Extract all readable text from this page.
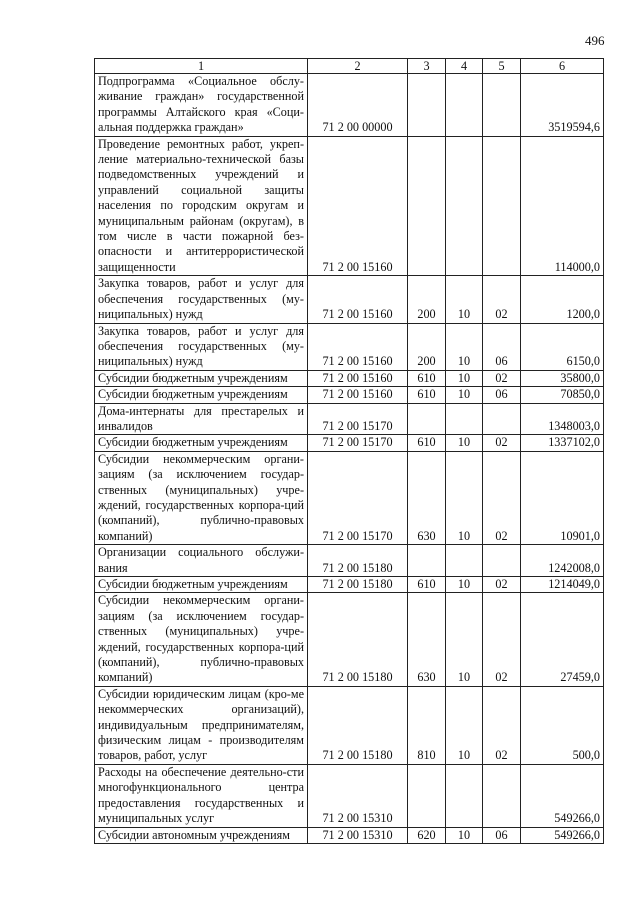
496
1	2	3	4	5	6
Подпрограмма «Социальное обслу-живание граждан» государственной программы Алтайского края «Соци-альная поддержка граждан»	71 2 00 00000				3519594,6
Проведение ремонтных работ, укреп-ление материально-технической базы подведомственных учреждений и управлений социальной защиты населения по городским округам и муниципальным районам (округам), в том числе в части пожарной без-опасности и антитеррористической защищенности	71 2 00 15160				114000,0
Закупка товаров, работ и услуг для обеспечения государственных (му-ниципальных) нужд	71 2 00 15160	200	10	02	1200,0
Закупка товаров, работ и услуг для обеспечения государственных (му-ниципальных) нужд	71 2 00 15160	200	10	06	6150,0
Субсидии бюджетным учреждениям	71 2 00 15160	610	10	02	35800,0
Субсидии бюджетным учреждениям	71 2 00 15160	610	10	06	70850,0
Дома-интернаты для престарелых и инвалидов	71 2 00 15170				1348003,0
Субсидии бюджетным учреждениям	71 2 00 15170	610	10	02	1337102,0
Субсидии некоммерческим органи-зациям (за исключением государ-ственных (муниципальных) учре-ждений, государственных корпора-ций (компаний), публично-правовых компаний)	71 2 00 15170	630	10	02	10901,0
Организации социального обслужи-вания	71 2 00 15180				1242008,0
Субсидии бюджетным учреждениям	71 2 00 15180	610	10	02	1214049,0
Субсидии некоммерческим органи-зациям (за исключением государ-ственных (муниципальных) учре-ждений, государственных корпора-ций (компаний), публично-правовых компаний)	71 2 00 15180	630	10	02	27459,0
Субсидии юридическим лицам (кро-ме некоммерческих организаций), индивидуальным предпринимателям, физическим лицам - производителям товаров, работ, услуг	71 2 00 15180	810	10	02	500,0
Расходы на обеспечение деятельно-сти многофункционального центра предоставления государственных и муниципальных услуг	71 2 00 15310				549266,0
Субсидии автономным учреждениям	71 2 00 15310	620	10	06	549266,0
